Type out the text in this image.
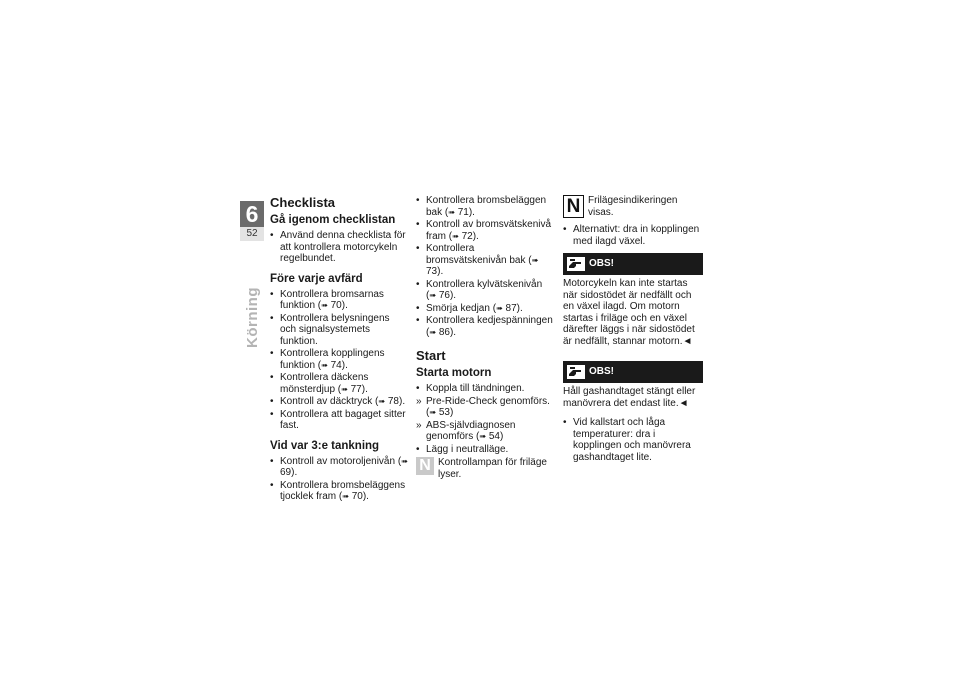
6
52
Körning
Checklista
Gå igenom checklistan
• Använd denna checklista för att kontrollera motorcykeln regelbundet.
Före varje avfärd
• Kontrollera bromsarnas funktion (➠ 70).
• Kontrollera belysningens och signalsystemets funktion.
• Kontrollera kopplingens funktion (➠ 74).
• Kontrollera däckens mönsterdjup (➠ 77).
• Kontroll av däcktryck (➠ 78).
• Kontrollera att bagaget sitter fast.
Vid var 3:e tankning
• Kontroll av motoroljenivån (➠ 69).
• Kontrollera bromsbeläggens tjocklek fram (➠ 70).
• Kontrollera bromsbeläggen bak (➠ 71).
• Kontroll av bromsvätskenivå fram (➠ 72).
• Kontrollera bromsvätskenivån bak (➠ 73).
• Kontrollera kylvätskenivån (➠ 76).
• Smörja kedjan (➠ 87).
• Kontrollera kedjespänningen (➠ 86).
Start
Starta motorn
• Koppla till tändningen.
» Pre-Ride-Check genomförs. (➠ 53)
» ABS-självdiagnosen genomförs (➠ 54)
• Lägg i neutralläge.
N Kontrollampan för friläge lyser.
N Frilägesindikeringen visas.
• Alternativt: dra in kopplingen med ilagd växel.
OBS!

Motorcykeln kan inte startas när sidostödet är nedfällt och en växel ilagd. Om motorn startas i friläge och en växel därefter läggs i när sidostödet är nedfällt, stannar motorn.◄

OBS!

Håll gashandtaget stängt eller manövrera det endast lite.◄

• Vid kallstart och låga temperaturer: dra i kopplingen och manövrera gashandtaget lite.
